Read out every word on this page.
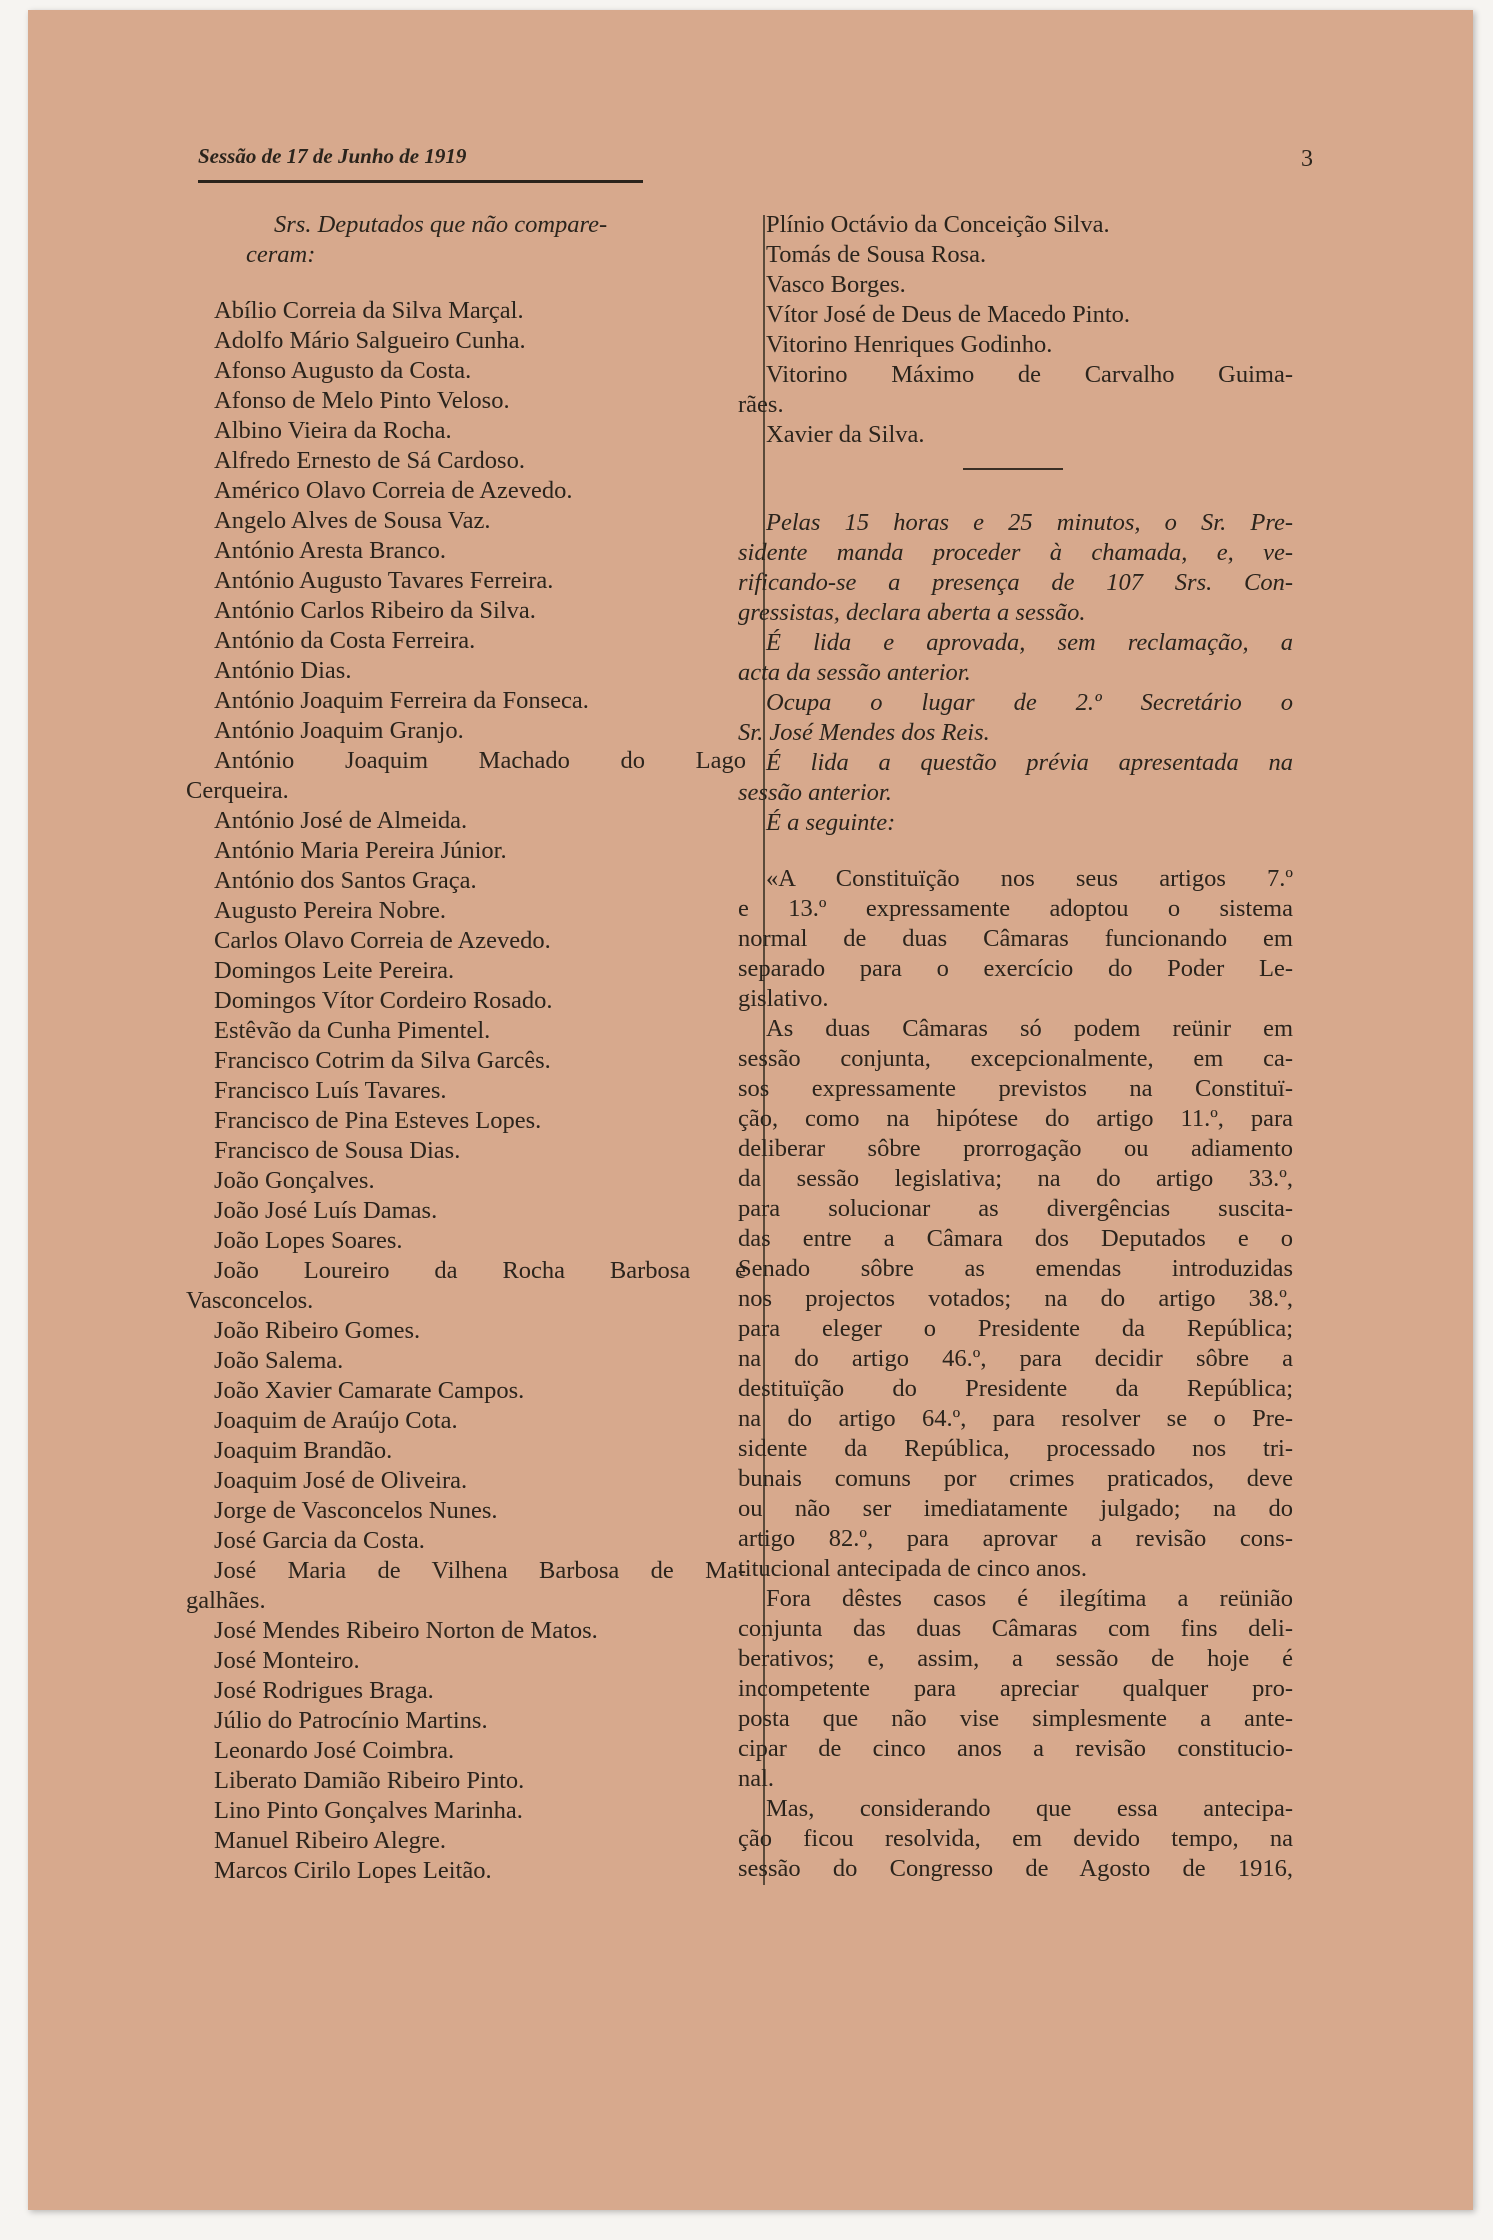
Sessão de 17 de Junho de 1919	3
Srs. Deputados que não compare-
ceram:
Abílio Correia da Silva Marçal.
Adolfo Mário Salgueiro Cunha.
Afonso Augusto da Costa.
Afonso de Melo Pinto Veloso.
Albino Vieira da Rocha.
Alfredo Ernesto de Sá Cardoso.
Américo Olavo Correia de Azevedo.
Angelo Alves de Sousa Vaz.
António Aresta Branco.
António Augusto Tavares Ferreira.
António Carlos Ribeiro da Silva.
António da Costa Ferreira.
António Dias.
António Joaquim Ferreira da Fonseca.
António Joaquim Granjo.
António Joaquim Machado do Lago
Cerqueira.
António José de Almeida.
António Maria Pereira Júnior.
António dos Santos Graça.
Augusto Pereira Nobre.
Carlos Olavo Correia de Azevedo.
Domingos Leite Pereira.
Domingos Vítor Cordeiro Rosado.
Estêvão da Cunha Pimentel.
Francisco Cotrim da Silva Garcês.
Francisco Luís Tavares.
Francisco de Pina Esteves Lopes.
Francisco de Sousa Dias.
João Gonçalves.
João José Luís Damas.
João Lopes Soares.
João Loureiro da Rocha Barbosa e
Vasconcelos.
João Ribeiro Gomes.
João Salema.
João Xavier Camarate Campos.
Joaquim de Araújo Cota.
Joaquim Brandão.
Joaquim José de Oliveira.
Jorge de Vasconcelos Nunes.
José Garcia da Costa.
José Maria de Vilhena Barbosa de Ma-
galhães.
José Mendes Ribeiro Norton de Matos.
José Monteiro.
José Rodrigues Braga.
Júlio do Patrocínio Martins.
Leonardo José Coimbra.
Liberato Damião Ribeiro Pinto.
Lino Pinto Gonçalves Marinha.
Manuel Ribeiro Alegre.
Marcos Cirilo Lopes Leitão.
Plínio Octávio da Conceição Silva.
Tomás de Sousa Rosa.
Vasco Borges.
Vítor José de Deus de Macedo Pinto.
Vitorino Henriques Godinho.
Vitorino Máximo de Carvalho Guima-
rães.
Xavier da Silva.
Pelas 15 horas e 25 minutos, o Sr. Pre-
sidente manda proceder à chamada, e, ve-
rificando-se a presença de 107 Srs. Con-
gressistas, declara aberta a sessão.
É lida e aprovada, sem reclamação, a
acta da sessão anterior.
Ocupa o lugar de 2.º Secretário o
Sr. José Mendes dos Reis.
É lida a questão prévia apresentada na
sessão anterior.
É a seguinte:
«A Constituïção nos seus artigos 7.º
e 13.º expressamente adoptou o sistema
normal de duas Câmaras funcionando em
separado para o exercício do Poder Le-
gislativo.
As duas Câmaras só podem reünir em
sessão conjunta, excepcionalmente, em ca-
sos expressamente previstos na Constituï-
ção, como na hipótese do artigo 11.º, para
deliberar sôbre prorrogação ou adiamento
da sessão legislativa; na do artigo 33.º,
para solucionar as divergências suscita-
das entre a Câmara dos Deputados e o
Senado sôbre as emendas introduzidas
nos projectos votados; na do artigo 38.º,
para eleger o Presidente da República;
na do artigo 46.º, para decidir sôbre a
destituïção do Presidente da República;
na do artigo 64.º, para resolver se o Pre-
sidente da República, processado nos tri-
bunais comuns por crimes praticados, deve
ou não ser imediatamente julgado; na do
artigo 82.º, para aprovar a revisão cons-
titucional antecipada de cinco anos.
Fora dêstes casos é ilegítima a reünião
conjunta das duas Câmaras com fins deli-
berativos; e, assim, a sessão de hoje é
incompetente para apreciar qualquer pro-
posta que não vise simplesmente a ante-
cipar de cinco anos a revisão constitucio-
nal.
Mas, considerando que essa antecipa-
ção ficou resolvida, em devido tempo, na
sessão do Congresso de Agosto de 1916,
